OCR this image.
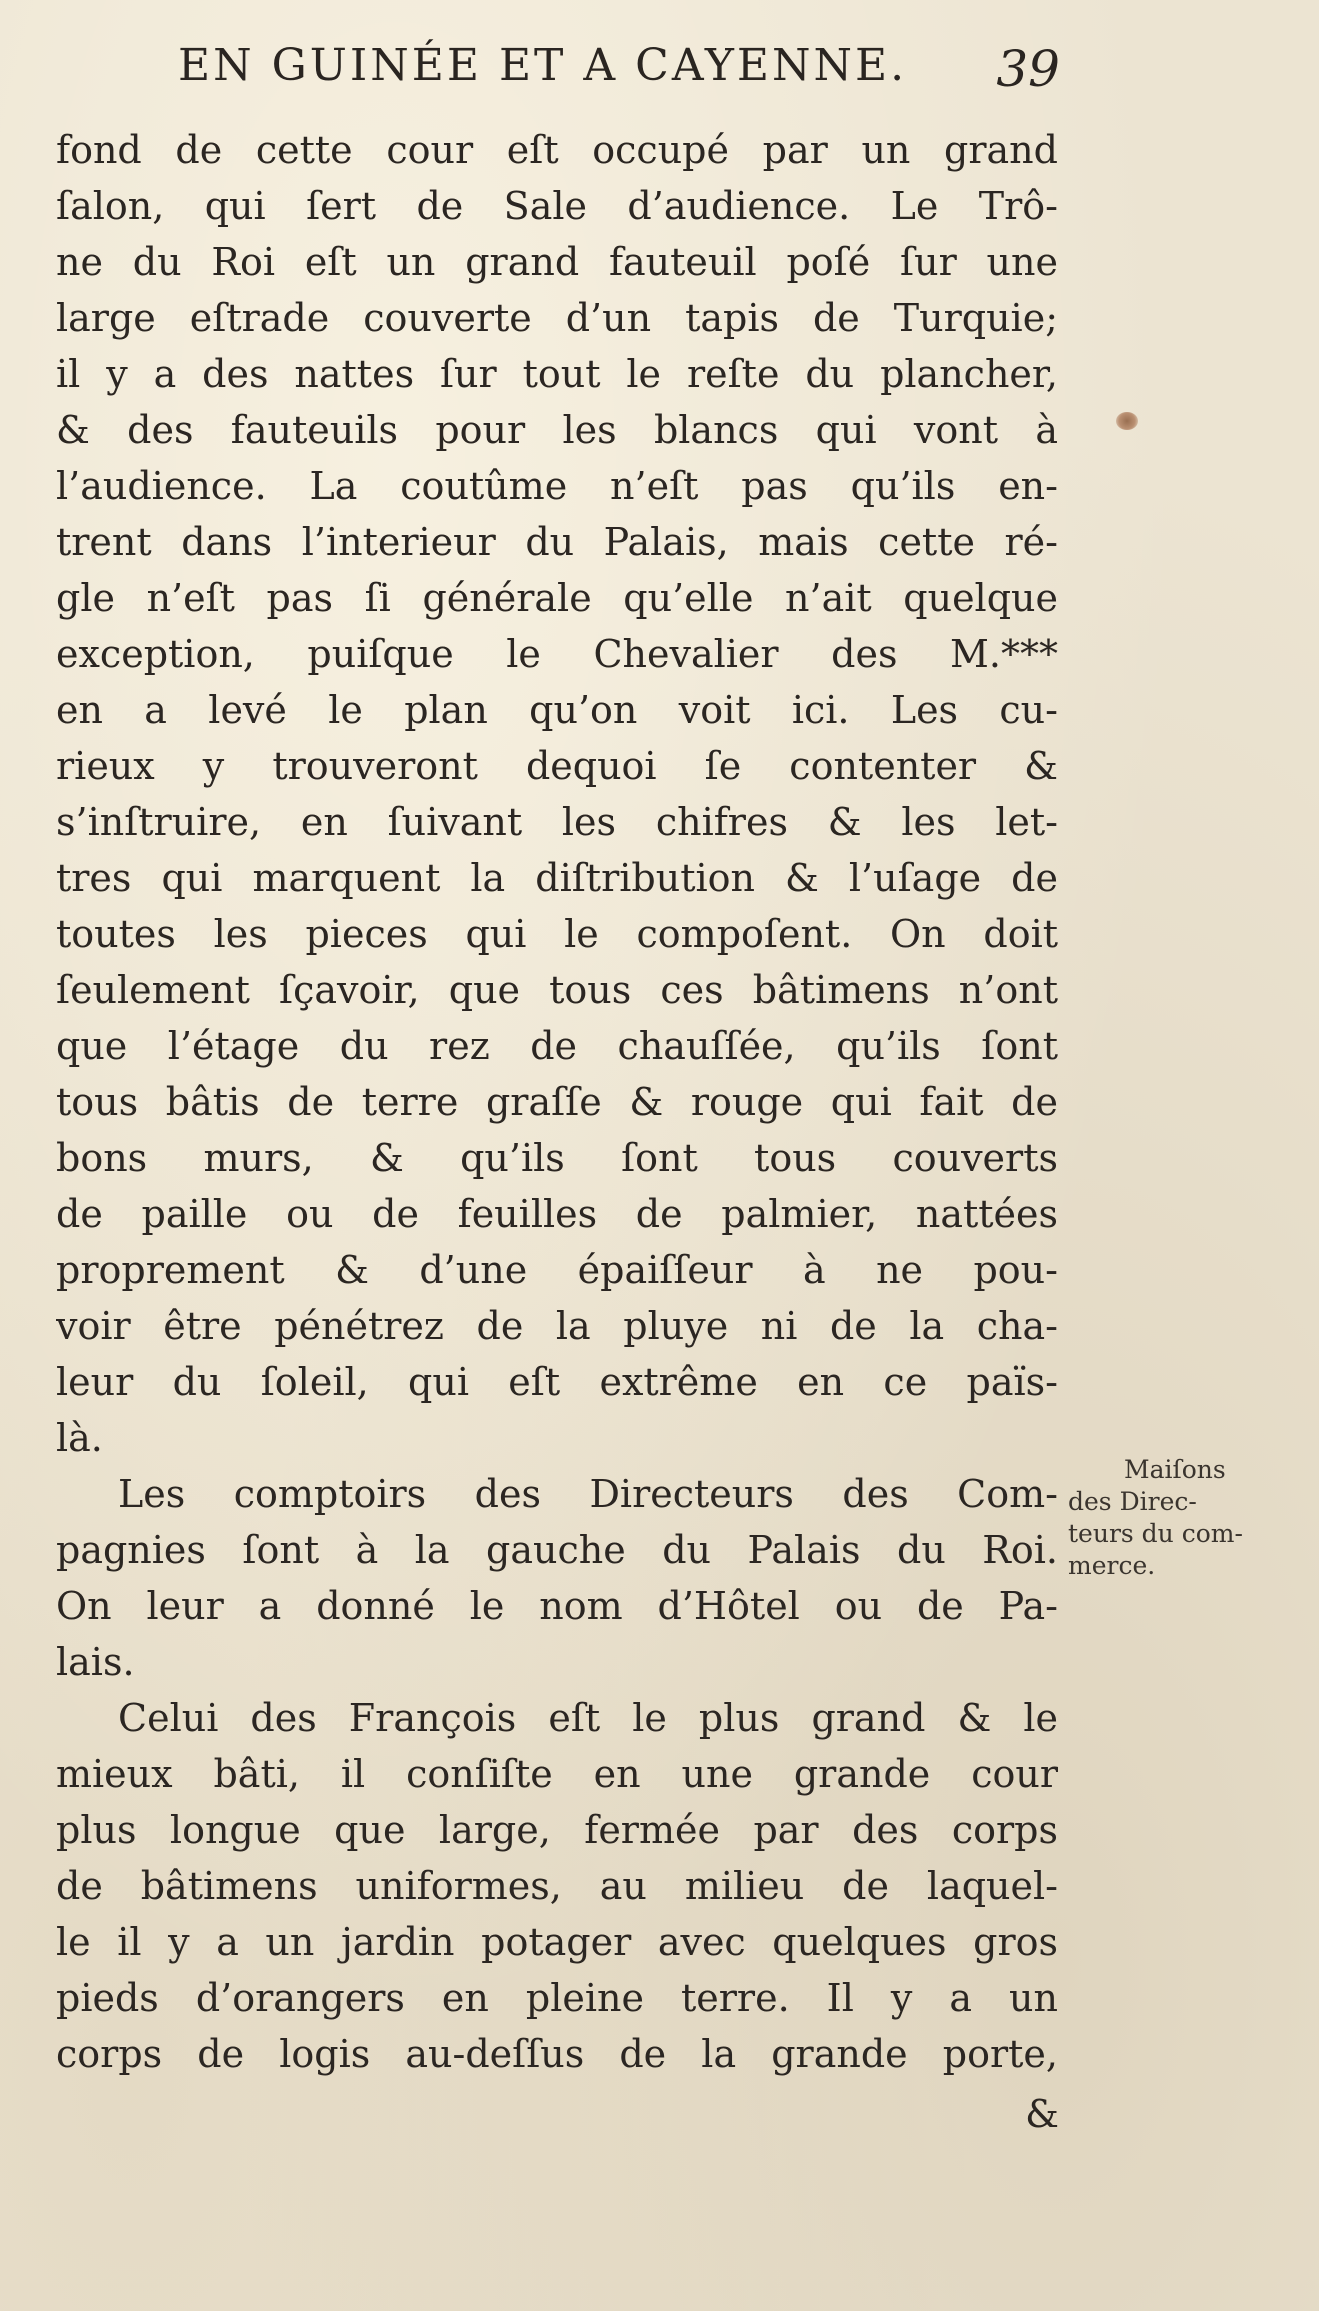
EN GUINÉE ET A CAYENNE. 39
fond de cette cour eſt occupé par un grand
ſalon, qui ſert de Sale d’audience. Le Trô-
ne du Roi eſt un grand fauteuil poſé ſur une
large eſtrade couverte d’un tapis de Turquie;
il y a des nattes ſur tout le reſte du plancher,
& des fauteuils pour les blancs qui vont à
l’audience. La coutûme n’eſt pas qu’ils en-
trent dans l’interieur du Palais, mais cette ré-
gle n’eſt pas ſi générale qu’elle n’ait quelque
exception, puiſque le Chevalier des M.***
en a levé le plan qu’on voit ici. Les cu-
rieux y trouveront dequoi ſe contenter &
s’inſtruire, en ſuivant les chifres & les let-
tres qui marquent la diſtribution & l’uſage de
toutes les pieces qui le compoſent. On doit
ſeulement ſçavoir, que tous ces bâtimens n’ont
que l’étage du rez de chauſſée, qu’ils ſont
tous bâtis de terre graſſe & rouge qui fait de
bons murs, & qu’ils ſont tous couverts
de paille ou de feuilles de palmier, nattées
proprement & d’une épaiſſeur à ne pou-
voir être pénétrez de la pluye ni de la cha-
leur du ſoleil, qui eſt extrême en ce païs-
là.
Les comptoirs des Directeurs des Com-
pagnies ſont à la gauche du Palais du Roi.
On leur a donné le nom d’Hôtel ou de Pa-
lais.
Celui des François eſt le plus grand & le
mieux bâti, il conſiſte en une grande cour
plus longue que large, fermée par des corps
de bâtimens uniformes, au milieu de laquel-
le il y a un jardin potager avec quelques gros
pieds d’orangers en pleine terre. Il y a un
corps de logis au-deſſus de la grande porte,
&
Maiſons
des Direc-
teurs du com-
merce.
